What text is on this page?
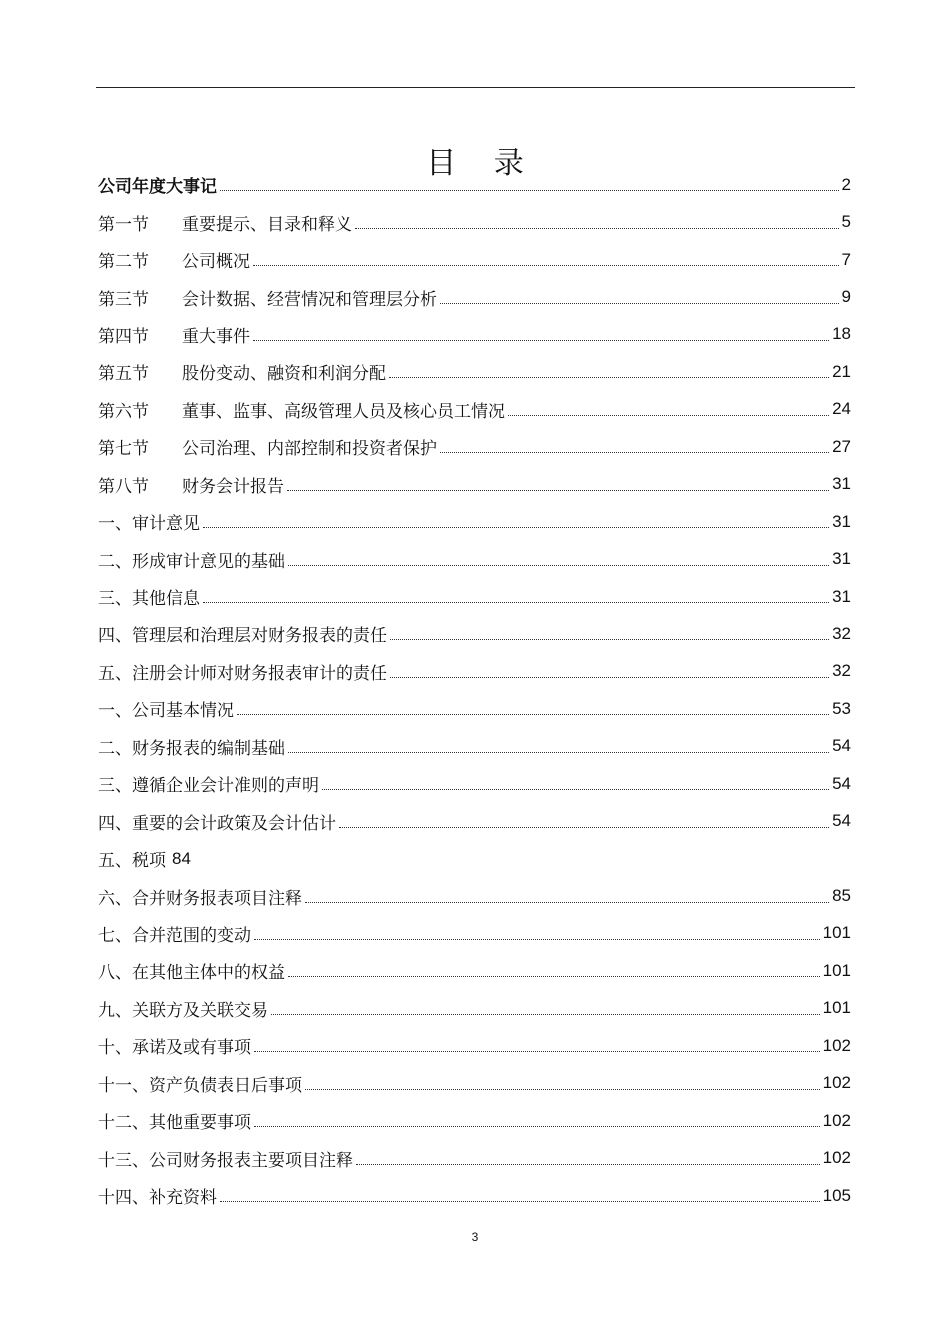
目 录
公司年度大事记	2
第一节	重要提示、目录和释义	5
第二节	公司概况	7
第三节	会计数据、经营情况和管理层分析	9
第四节	重大事件	18
第五节	股份变动、融资和利润分配	21
第六节	董事、监事、高级管理人员及核心员工情况	24
第七节	公司治理、内部控制和投资者保护	27
第八节	财务会计报告	31
一、审计意见	31
二、形成审计意见的基础	31
三、其他信息	31
四、管理层和治理层对财务报表的责任	32
五、注册会计师对财务报表审计的责任	32
一、公司基本情况	53
二、财务报表的编制基础	54
三、遵循企业会计准则的声明	54
四、重要的会计政策及会计估计	54
五、税项 84
六、合并财务报表项目注释	85
七、合并范围的变动	101
八、在其他主体中的权益	101
九、关联方及关联交易	101
十、承诺及或有事项	102
十一、资产负债表日后事项	102
十二、其他重要事项	102
十三、公司财务报表主要项目注释	102
十四、补充资料	105
3
